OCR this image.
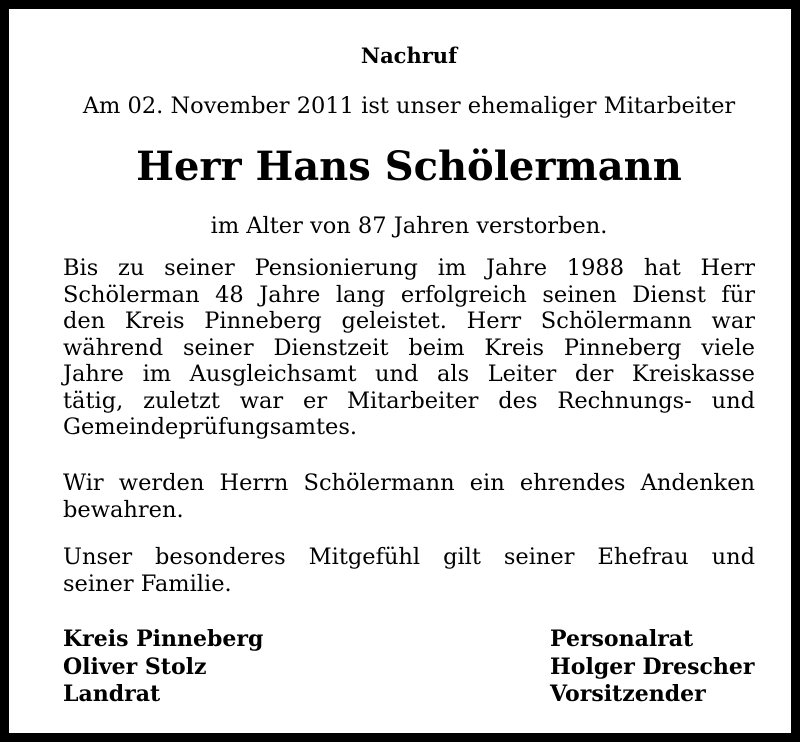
Nachruf
Am 02. November 2011 ist unser ehemaliger Mitarbeiter
Herr Hans Schölermann
im Alter von 87 Jahren verstorben.
Bis zu seiner Pensionierung im Jahre 1988 hat Herr
Schölerman 48 Jahre lang erfolgreich seinen Dienst für
den Kreis Pinneberg geleistet. Herr Schölermann war
während seiner Dienstzeit beim Kreis Pinneberg viele
Jahre im Ausgleichsamt und als Leiter der Kreiskasse
tätig, zuletzt war er Mitarbeiter des Rechnungs- und
Gemeindeprüfungsamtes.
Wir werden Herrn Schölermann ein ehrendes Andenken
bewahren.
Unser besonderes Mitgefühl gilt seiner Ehefrau und
seiner Familie.
Kreis Pinneberg
Oliver Stolz
Landrat
Personalrat
Holger Drescher
Vorsitzender
